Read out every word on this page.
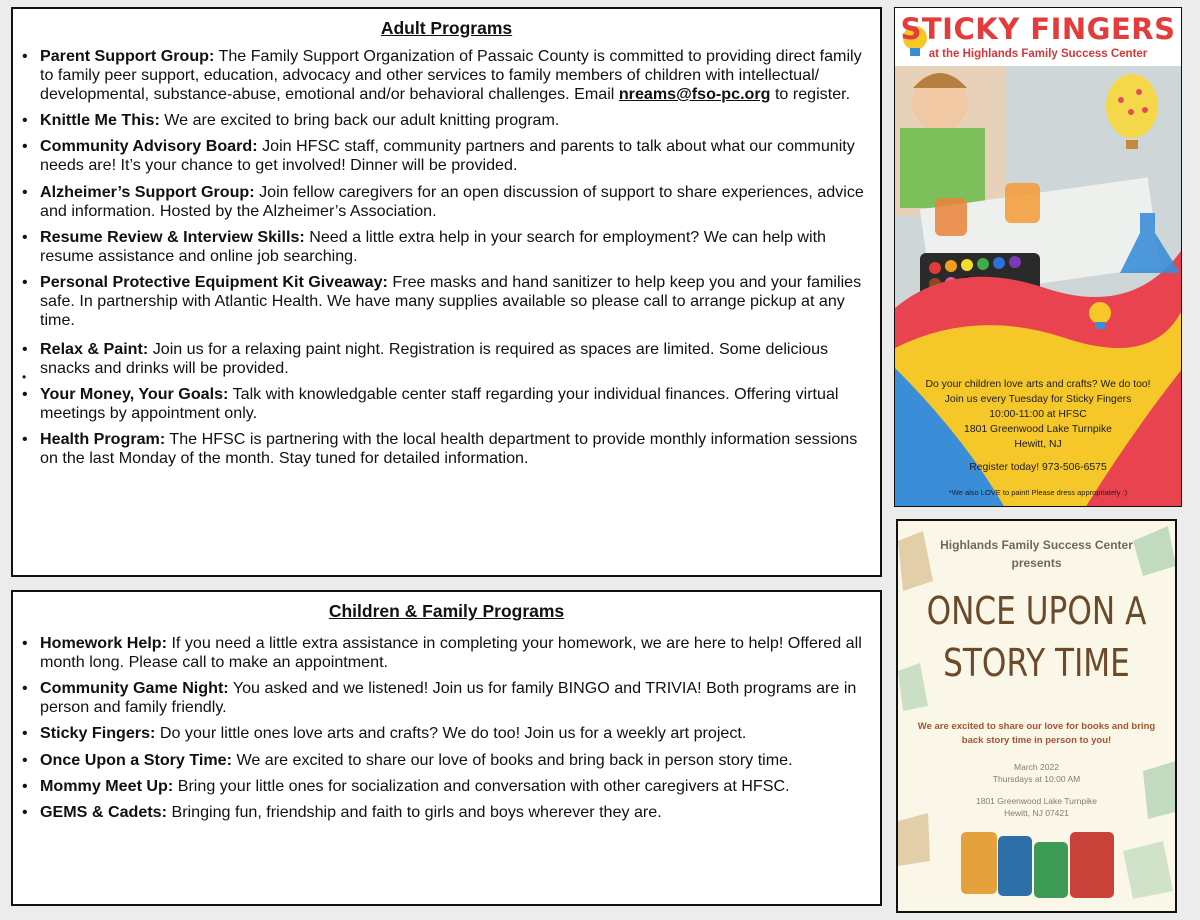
Adult Programs
• Parent Support Group: The Family Support Organization of Passaic County is committed to providing direct family to family peer support, education, advocacy and other services to family members of children with intellectual/ developmental, substance-abuse, emotional and/or behavioral challenges. Email nreams@fso-pc.org to register.
• Knittle Me This: We are excited to bring back our adult knitting program.
• Community Advisory Board: Join HFSC staff, community partners and parents to talk about what our community needs are! It’s your chance to get involved! Dinner will be provided.
• Alzheimer’s Support Group: Join fellow caregivers for an open discussion of support to share experiences, advice and information. Hosted by the Alzheimer’s Association.
• Resume Review & Interview Skills: Need a little extra help in your search for employment? We can help with resume assistance and online job searching.
• Personal Protective Equipment Kit Giveaway: Free masks and hand sanitizer to help keep you and your families safe. In partnership with Atlantic Health. We have many supplies available so please call to arrange pickup at any time.
• Relax & Paint: Join us for a relaxing paint night. Registration is required as spaces are limited. Some delicious snacks and drinks will be provided.
• Your Money, Your Goals: Talk with knowledgable center staff regarding your individual finances. Offering virtual meetings by appointment only.
• Health Program: The HFSC is partnering with the local health department to provide monthly information sessions on the last Monday of the month. Stay tuned for detailed information.
•
Children & Family Programs
• Homework Help: If you need a little extra assistance in completing your homework, we are here to help! Offered all month long. Please call to make an appointment.
• Community Game Night: You asked and we listened! Join us for family BINGO and TRIVIA! Both programs are in person and family friendly.
• Sticky Fingers: Do your little ones love arts and crafts? We do too! Join us for a weekly art project.
• Once Upon a Story Time: We are excited to share our love of books and bring back in person story time.
• Mommy Meet Up: Bring your little ones for socialization and conversation with other caregivers at HFSC.
• GEMS & Cadets: Bringing fun, friendship and faith to girls and boys wherever they are.
STICKY FINGERS
at the Highlands Family Success Center
Do your children love arts and crafts? We do too!
Join us every Tuesday for Sticky Fingers
10:00-11:00 at HFSC
1801 Greenwood Lake Turnpike
Hewitt, NJ
Register today! 973-506-6575
*We also LOVE to paint! Please dress appropriately :)
Highlands Family Success Center
presents
ONCE UPON A
STORY TIME
We are excited to share our love for books and bring
back story time in person to you!
March 2022
Thursdays at 10:00 AM
1801 Greenwood Lake Turnpike
Hewitt, NJ 07421
